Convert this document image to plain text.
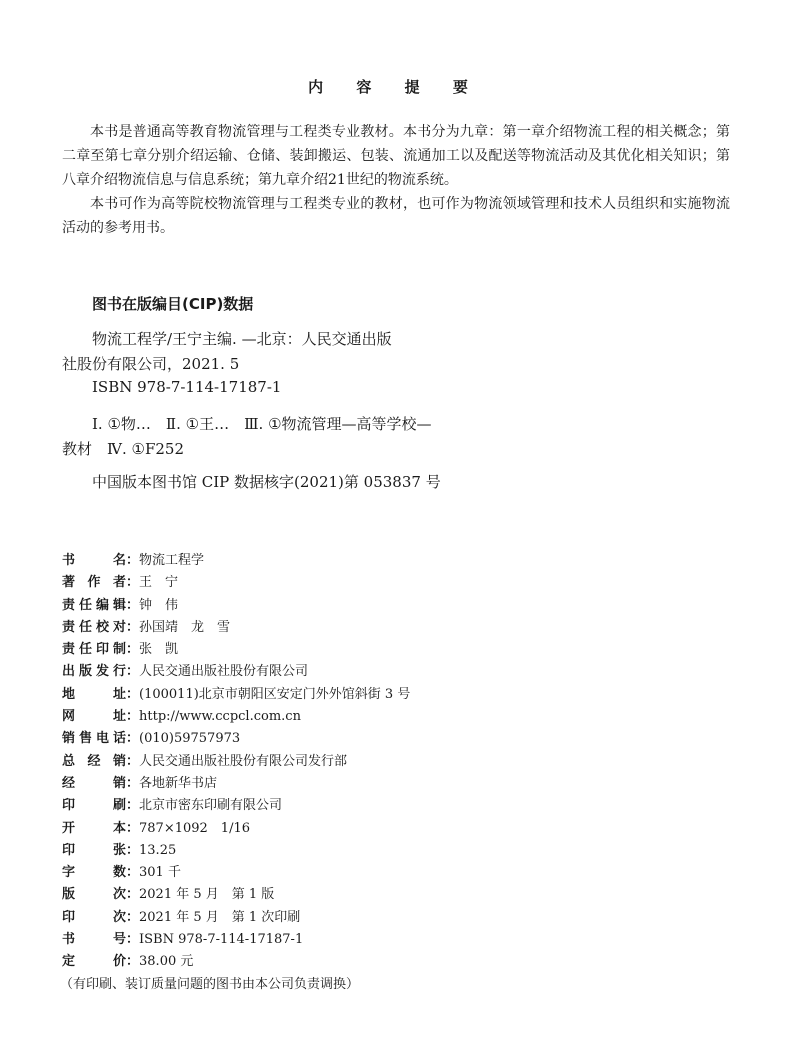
内 容 提 要

本书是普通高等教育物流管理与工程类专业教材。本书分为九章：第一章介绍物流工程的相关概念；第二章至第七章分别介绍运输、仓储、装卸搬运、包装、流通加工以及配送等物流活动及其优化相关知识；第八章介绍物流信息与信息系统；第九章介绍21世纪的物流系统。

本书可作为高等院校物流管理与工程类专业的教材，也可作为物流领域管理和技术人员组织和实施物流活动的参考用书。

图书在版编目(CIP)数据
物流工程学/王宁主编. —北京：人民交通出版
社股份有限公司，2021. 5
ISBN 978-7-114-17187-1
Ⅰ. ①物…　Ⅱ. ①王…　Ⅲ. ①物流管理—高等学校—
教材　Ⅳ. ①F252
中国版本图书馆 CIP 数据核字(2021)第 053837 号
书名：物流工程学
著作者：王　宁
责任编辑：钟　伟
责任校对：孙国靖　龙　雪
责任印制：张　凯
出版发行：人民交通出版社股份有限公司
地址：(100011)北京市朝阳区安定门外外馆斜街 3 号
网址：http://www.ccpcl.com.cn
销售电话：(010)59757973
总经销：人民交通出版社股份有限公司发行部
经销：各地新华书店
印刷：北京市密东印刷有限公司
开本：787×1092　1/16
印张：13.25
字数：301 千
版次：2021 年 5 月　第 1 版
印次：2021 年 5 月　第 1 次印刷
书号：ISBN 978-7-114-17187-1
定价：38.00 元
（有印刷、装订质量问题的图书由本公司负责调换）
